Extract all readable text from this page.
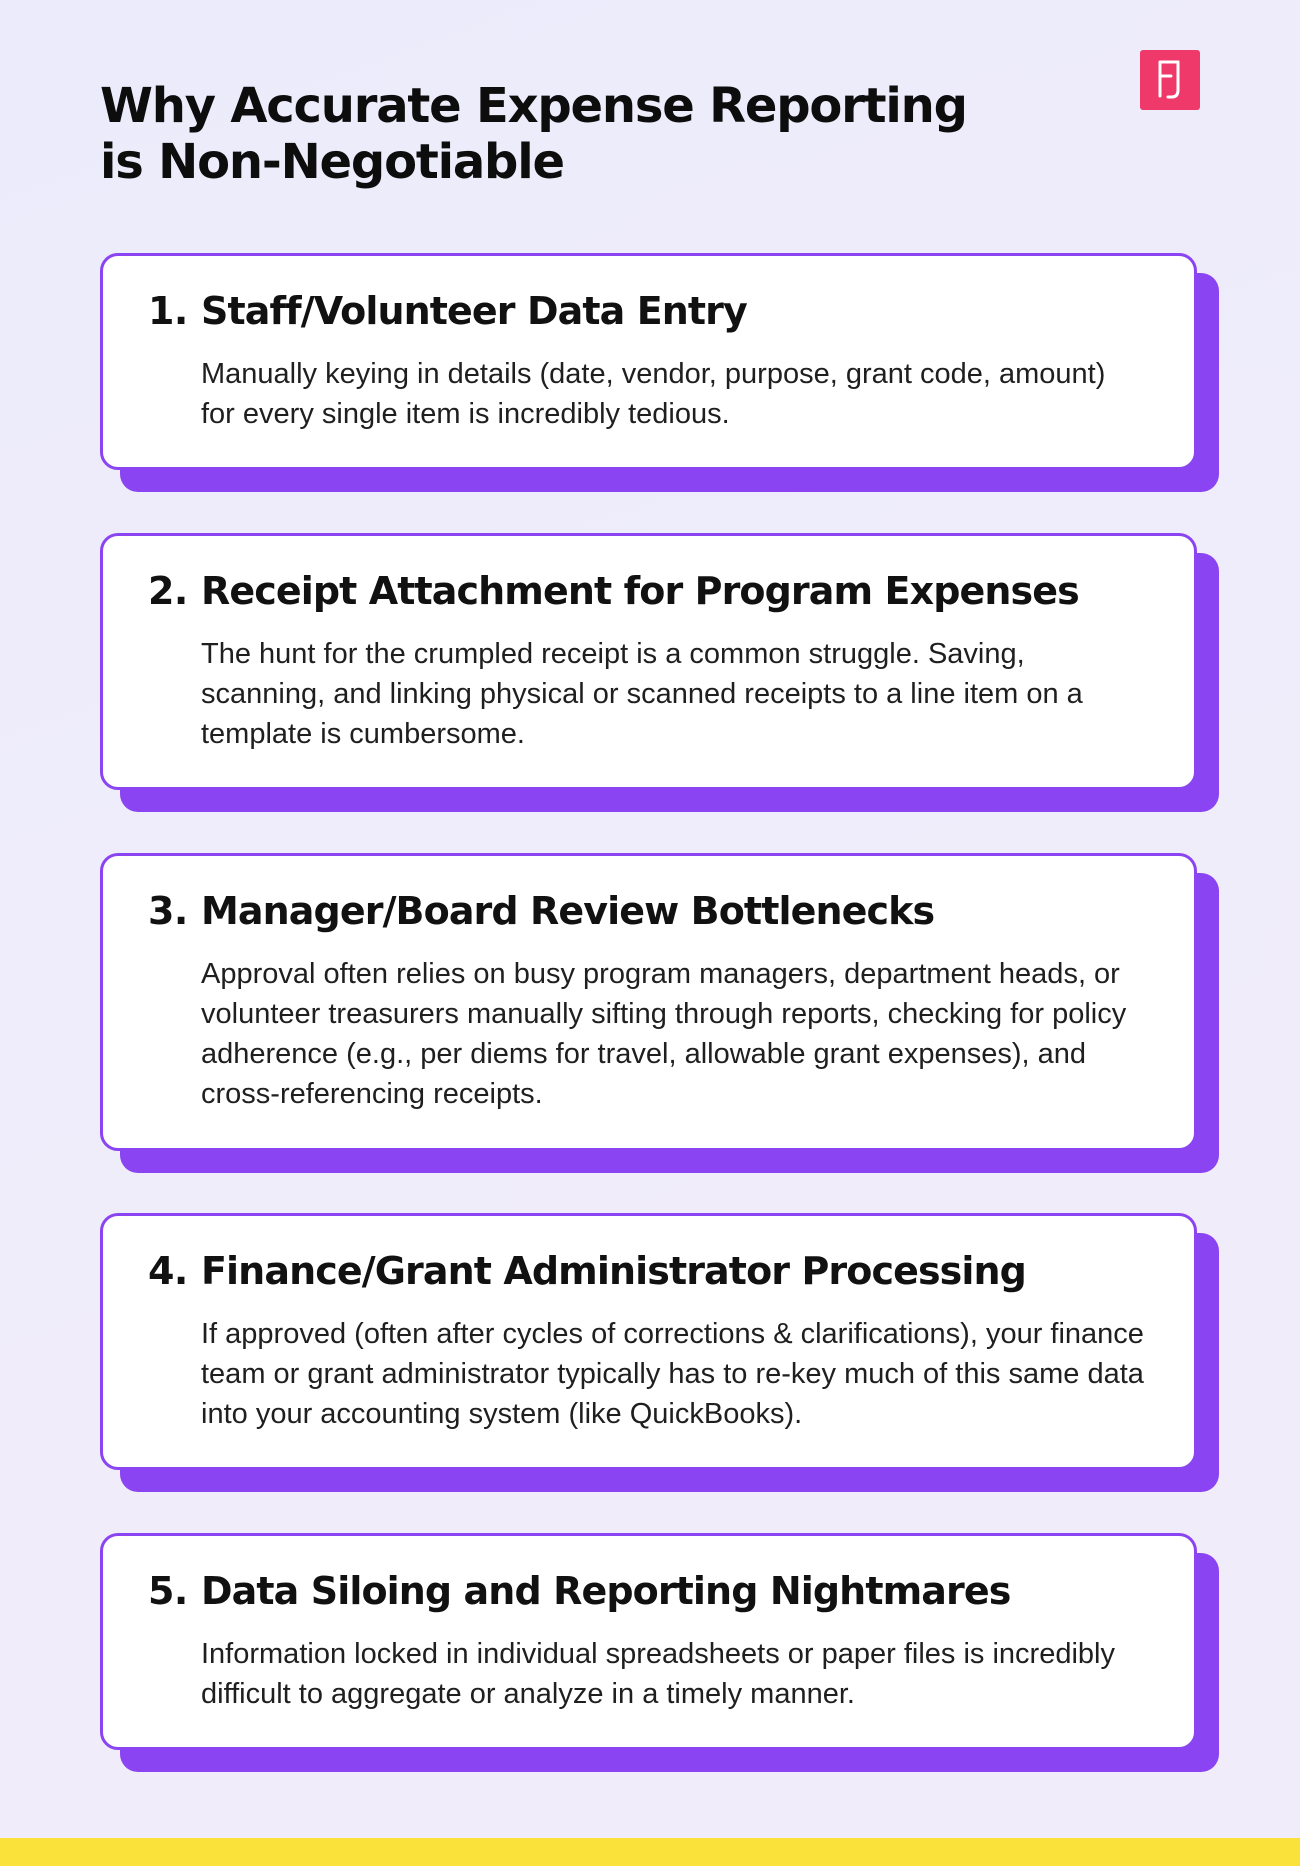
Why Accurate Expense Reporting is Non-Negotiable
1. Staff/Volunteer Data Entry

Manually keying in details (date, vendor, purpose, grant code, amount) for every single item is incredibly tedious.

2. Receipt Attachment for Program Expenses

The hunt for the crumpled receipt is a common struggle. Saving, scanning, and linking physical or scanned receipts to a line item on a template is cumbersome.

3. Manager/Board Review Bottlenecks

Approval often relies on busy program managers, department heads, or volunteer treasurers manually sifting through reports, checking for policy adherence (e.g., per diems for travel, allowable grant expenses), and cross-referencing receipts.

4. Finance/Grant Administrator Processing

If approved (often after cycles of corrections & clarifications), your finance team or grant administrator typically has to re-key much of this same data into your accounting system (like QuickBooks).

5. Data Siloing and Reporting Nightmares

Information locked in individual spreadsheets or paper files is incredibly difficult to aggregate or analyze in a timely manner.
